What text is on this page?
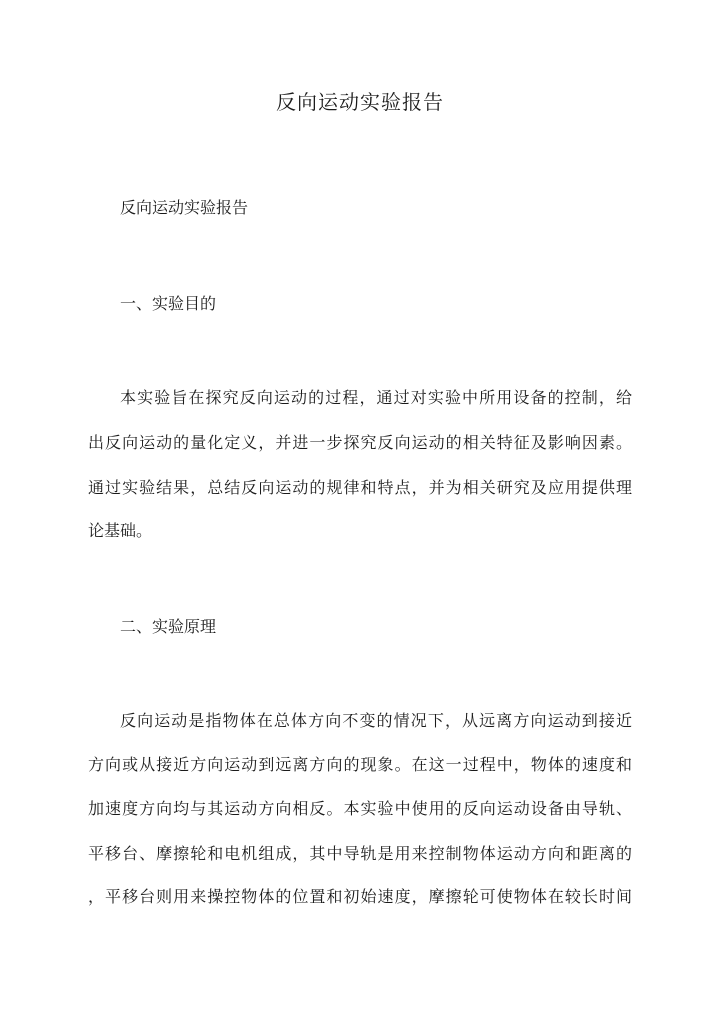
反向运动实验报告

反向运动实验报告

一、实验目的

本实验旨在探究反向运动的过程，通过对实验中所用设备的控制，给

出反向运动的量化定义，并进一步探究反向运动的相关特征及影响因素。

通过实验结果，总结反向运动的规律和特点，并为相关研究及应用提供理

论基础。

二、实验原理

反向运动是指物体在总体方向不变的情况下，从远离方向运动到接近

方向或从接近方向运动到远离方向的现象。在这一过程中，物体的速度和

加速度方向均与其运动方向相反。本实验中使用的反向运动设备由导轨、

平移台、摩擦轮和电机组成，其中导轨是用来控制物体运动方向和距离的

，平移台则用来操控物体的位置和初始速度，摩擦轮可使物体在较长时间
